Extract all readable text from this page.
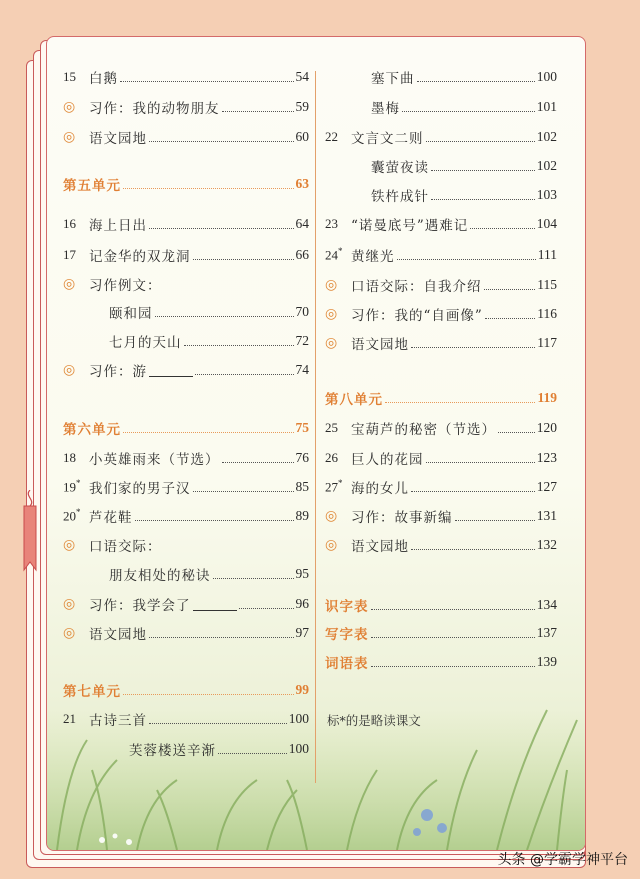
15 白鹅	54
◎	习作：我的动物朋友	59
◎	语文园地	60
第五单元	63
16 海上日出	64
17 记金华的双龙洞	66
◎	习作例文：
颐和园	70
七月的天山	72
◎	习作：游	74
第六单元	75
18 小英雄雨来（节选）	76
19* 我们家的男子汉	85
20* 芦花鞋	89
◎	口语交际：
朋友相处的秘诀	95
◎	习作：我学会了	96
◎	语文园地	97
第七单元	99
21 古诗三首	100
芙蓉楼送辛渐	100
塞下曲	100
墨梅	101
22 文言文二则	102
囊萤夜读	102
铁杵成针	103
23 “诺曼底号”遇难记	104
24* 黄继光	111
◎	口语交际：自我介绍	115
◎	习作：我的“自画像”	116
◎	语文园地	117
第八单元	119
25 宝葫芦的秘密（节选）	120
26 巨人的花园	123
27* 海的女儿	127
◎	习作：故事新编	131
◎	语文园地	132
识字表	134
写字表	137
词语表	139
标*的是略读课文
头条 @学霸学神平台
